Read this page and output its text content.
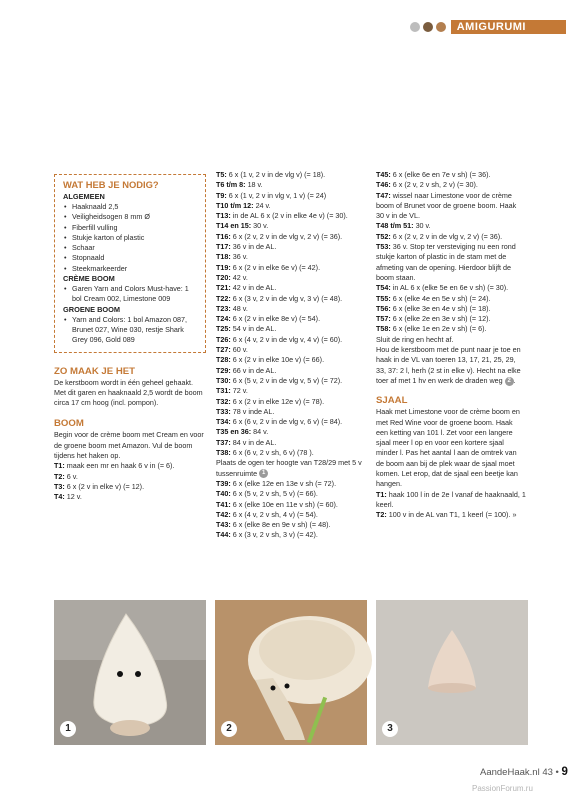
AMIGURUMI
WAT HEB JE NODIG?
ALGEMEEN
• Haaknaald 2,5
• Veiligheidsogen 8 mm Ø
• Fiberfill vulling
• Stukje karton of plastic
• Schaar
• Stopnaald
• Steekmarkeerder
CRÈME BOOM
• Garen Yarn and Colors Must-have: 1 bol Cream 002, Limestone 009
GROENE BOOM
• Yarn and Colors: 1 bol Amazon 087, Brunet 027, Wine 030, restje Shark Grey 096, Gold 089
ZO MAAK JE HET

De kerstboom wordt in één geheel gehaakt. Met dit garen en haaknaald 2,5 wordt de boom circa 17 cm hoog (incl. pompon).

BOOM

Begin voor de crème boom met Cream en voor de groene boom met Amazon. Vul de boom tijdens het haken op.

T1: maak een mr en haak 6 v in (= 6).

T2: 6 v.

T3: 6 x (2 v in elke v) (= 12).

T4: 12 v.

T5: 6 x (1 v, 2 v in de vlg v) (= 18).

T6 t/m 8: 18 v.

T9: 6 x (1 v, 2 v in vlg v, 1 v) (= 24)

T10 t/m 12: 24 v.

T13: in de AL 6 x (2 v in elke 4e v) (= 30).

T14 en 15: 30 v.

T16: 6 x (2 v, 2 v in de vlg v, 2 v) (= 36).

T17: 36 v in de AL.

T18: 36 v.

T19: 6 x (2 v in elke 6e v) (= 42).

T20: 42 v.

T21: 42 v in de AL.

T22: 6 x (3 v, 2 v in de vlg v, 3 v) (= 48).

T23: 48 v.

T24: 6 x (2 v in elke 8e v) (= 54).

T25: 54 v in de AL.

T26: 6 x (4 v, 2 v in de vlg v, 4 v) (= 60).

T27: 60 v.

T28: 6 x (2 v in elke 10e v) (= 66).

T29: 66 v in de AL.

T30: 6 x (5 v, 2 v in de vlg v, 5 v) (= 72).

T31: 72 v.

T32: 6 x (2 v in elke 12e v) (= 78).

T33: 78 v inde AL.

T34: 6 x (6 v, 2 v in de vlg v, 6 v) (= 84).

T35 en 36: 84 v.

T37: 84 v in de AL.

T38: 6 x (6 v, 2 v sh, 6 v) (78 ).

Plaats de ogen ter hoogte van T28/29 met 5 v tussenruimte 1

T39: 6 x (elke 12e en 13e v sh (= 72).

T40: 6 x (5 v, 2 v sh, 5 v) (= 66).

T41: 6 x (elke 10e en 11e v sh) (= 60).

T42: 6 x (4 v, 2 v sh, 4 v) (= 54).

T43: 6 x (elke 8e en 9e v sh) (= 48).

T44: 6 x (3 v, 2 v sh, 3 v) (= 42).

T45: 6 x (elke 6e en 7e v sh) (= 36).

T46: 6 x (2 v, 2 v sh, 2 v) (= 30).

T47: wissel naar Limestone voor de crème boom of Brunet voor de groene boom. Haak 30 v in de VL.

T48 t/m 51: 30 v.

T52: 6 x (2 v, 2 v in de vlg v, 2 v) (= 36).

T53: 36 v. Stop ter versteviging nu een rond stukje karton of plastic in de stam met de afmeting van de opening. Hierdoor blijft de boom staan.

T54: in AL 6 x (elke 5e en 6e v sh) (= 30).

T55: 6 x (elke 4e en 5e v sh) (= 24).

T56: 6 x (elke 3e en 4e v sh) (= 18).

T57: 6 x (elke 2e en 3e v sh) (= 12).

T58: 6 x (elke 1e en 2e v sh) (= 6).

Sluit de ring en hecht af.

Hou de kerstboom met de punt naar je toe en haak in de VL van toeren 13, 17, 21, 25, 29, 33, 37: 2 l, herh (2 st in elke v). Hecht na elke toer af met 1 hv en werk de draden weg 2 .

SJAAL

Haak met Limestone voor de crème boom en met Red Wine voor de groene boom. Haak een ketting van 101 l. Zet voor een langere sjaal meer l op en voor een kortere sjaal minder l. Pas het aantal l aan de omtrek van de boom aan bij de plek waar de sjaal moet komen. Let erop, dat de sjaal een beetje kan hangen.

T1: haak 100 l in de 2e l vanaf de haaknaald, 1 keerl.

T2: 100 v in de AL van T1, 1 keerl (= 100). »

1	2	3
AandeHaak.nl 43 • 9
PassionForum.ru
